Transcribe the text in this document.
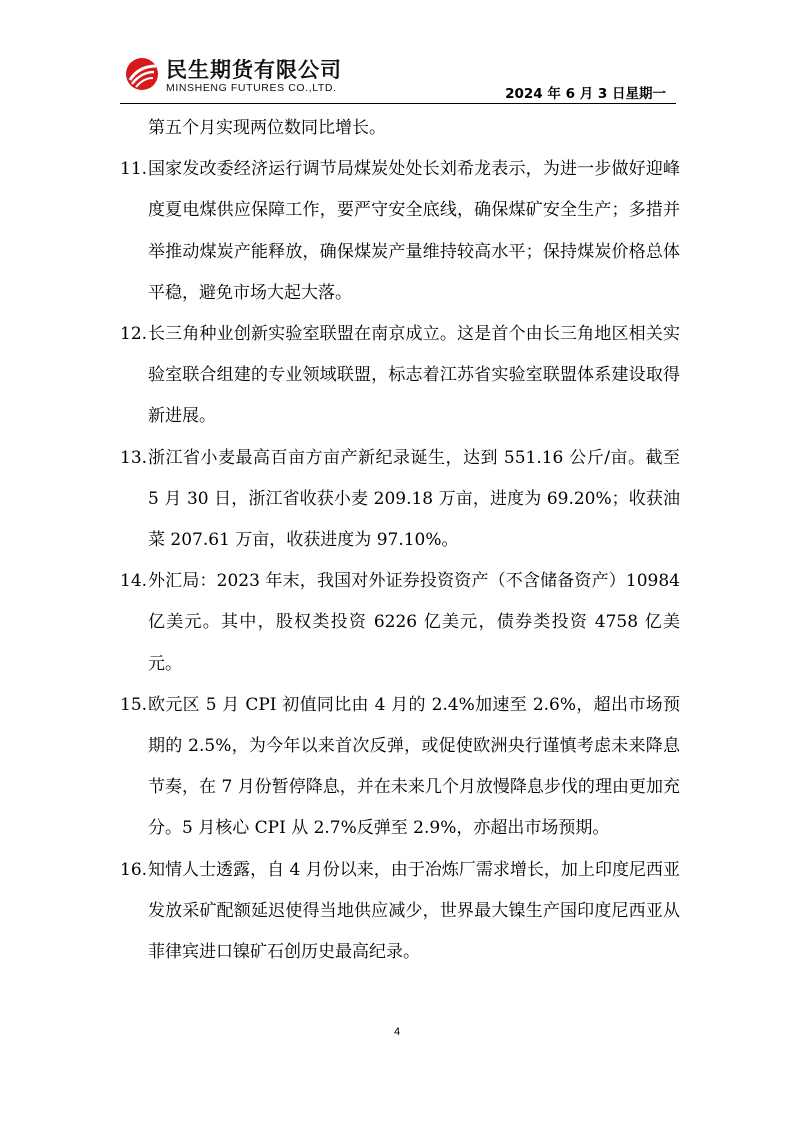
民生期货有限公司
MINSHENG FUTURES CO.,LTD.	2024 年 6 月 3 日星期一

第五个月实现两位数同比增长。

11. 国家发改委经济运行调节局煤炭处处长刘希龙表示，为进一步做好迎峰度夏电煤供应保障工作，要严守安全底线，确保煤矿安全生产；多措并举推动煤炭产能释放，确保煤炭产量维持较高水平；保持煤炭价格总体平稳，避免市场大起大落。
12. 长三角种业创新实验室联盟在南京成立。这是首个由长三角地区相关实验室联合组建的专业领域联盟，标志着江苏省实验室联盟体系建设取得新进展。
13. 浙江省小麦最高百亩方亩产新纪录诞生，达到 551.16 公斤/亩。截至 5 月 30 日，浙江省收获小麦 209.18 万亩，进度为 69.20%；收获油菜 207.61 万亩，收获进度为 97.10%。
14. 外汇局：2023 年末，我国对外证券投资资产（不含储备资产）10984 亿美元。其中，股权类投资 6226 亿美元，债券类投资 4758 亿美元。
15. 欧元区 5 月 CPI 初值同比由 4 月的 2.4%加速至 2.6%，超出市场预期的 2.5%，为今年以来首次反弹，或促使欧洲央行谨慎考虑未来降息节奏，在 7 月份暂停降息，并在未来几个月放慢降息步伐的理由更加充分。5 月核心 CPI 从 2.7%反弹至 2.9%，亦超出市场预期。
16. 知情人士透露，自 4 月份以来，由于冶炼厂需求增长，加上印度尼西亚发放采矿配额延迟使得当地供应减少，世界最大镍生产国印度尼西亚从菲律宾进口镍矿石创历史最高纪录。
4
